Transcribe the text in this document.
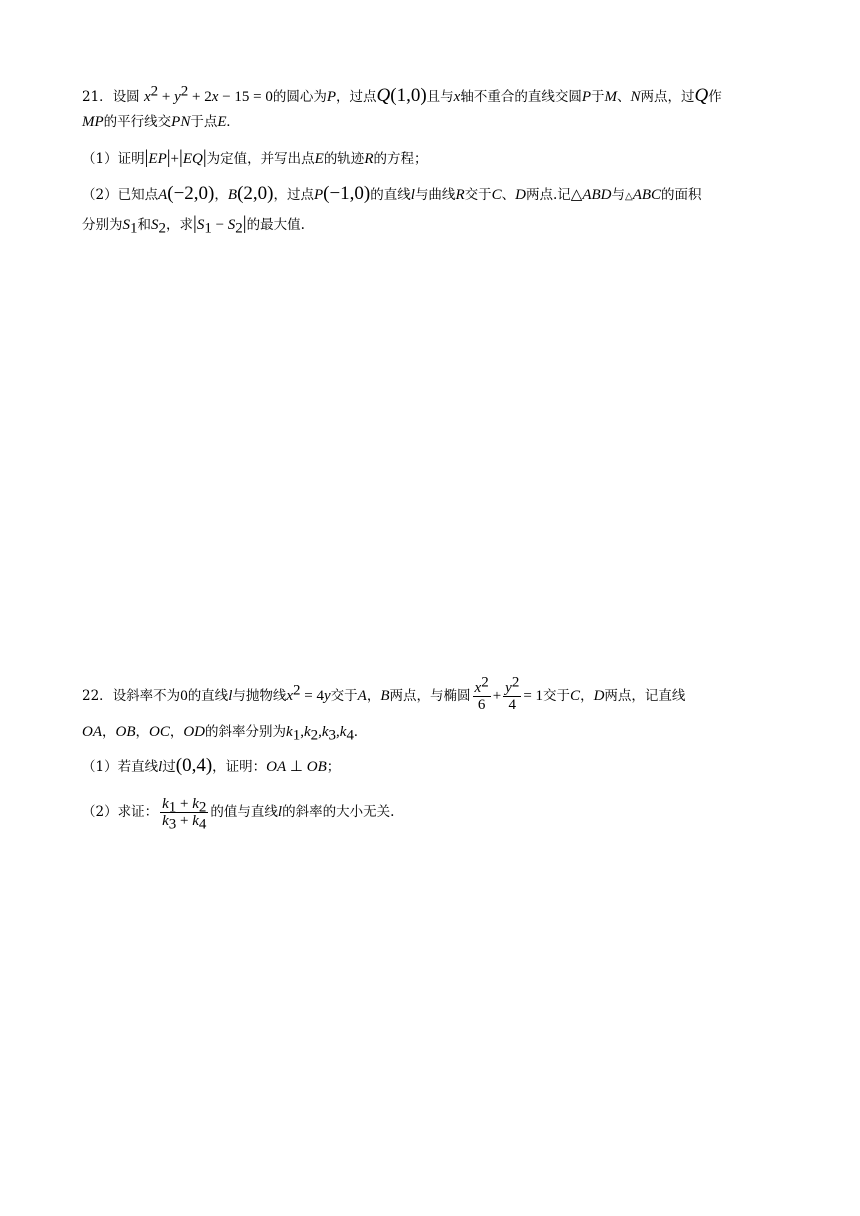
21．设圆 $x^2 + y^2 + 2x - 15 = 0$的圆心为P，过点Q(1,0)且与x轴不重合的直线交圆P于M、N两点，过Q作
MP的平行线交PN于点E.
（1）证明|EP|+|EQ|为定值，并写出点E的轨迹R的方程；
（2）已知点A(−2,0)，B(2,0)，过点P(−1,0)的直线l与曲线R交于C、D两点.记△ABD与△ABC的面积
分别为$S_1$和$S_2$，求$|S_1 - S_2|$的最大值.
22．设斜率不为0的直线l与抛物线$x^2 = 4y$交于A，B两点，与椭圆 $\frac{x^2}{6} + \frac{y^2}{4} = 1$交于C，D两点，记直线
OA，OB，OC，OD的斜率分别为$k_1,k_2,k_3,k_4$.
（1）若直线l过(0,4)，证明：OA ⊥ OB；
（2）求证： $\frac{k_1 + k_2}{k_3 + k_4}$ 的值与直线l的斜率的大小无关.
